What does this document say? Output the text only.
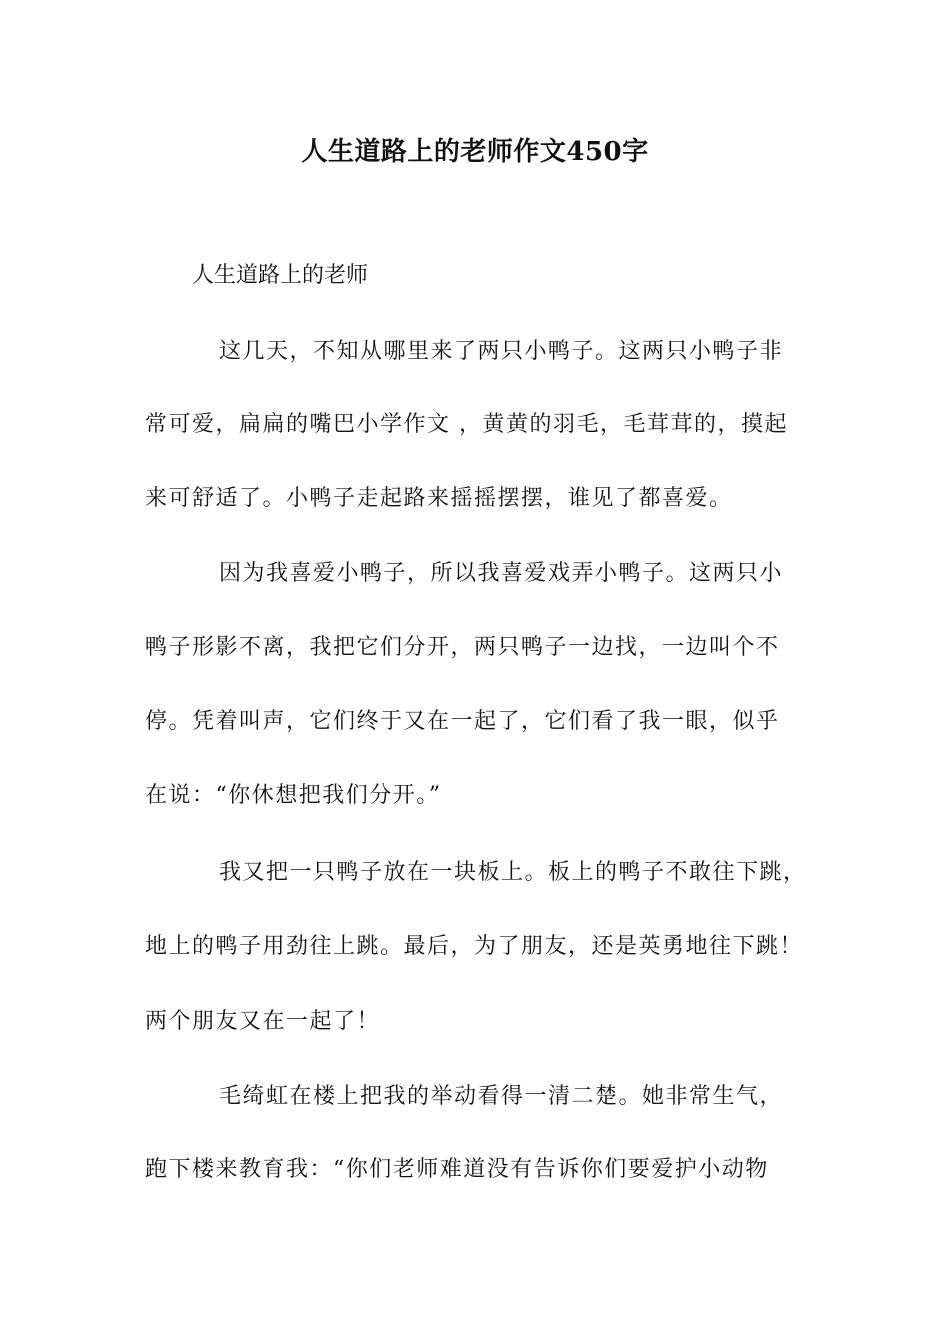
人生道路上的老师作文450字

人生道路上的老师

这几天，不知从哪里来了两只小鸭子。这两只小鸭子非

常可爱，扁扁的嘴巴小学作文 ，黄黄的羽毛，毛茸茸的，摸起

来可舒适了。小鸭子走起路来摇摇摆摆，谁见了都喜爱。

因为我喜爱小鸭子，所以我喜爱戏弄小鸭子。这两只小

鸭子形影不离，我把它们分开，两只鸭子一边找，一边叫个不

停。凭着叫声，它们终于又在一起了，它们看了我一眼，似乎

在说：“你休想把我们分开。”

我又把一只鸭子放在一块板上。板上的鸭子不敢往下跳，

地上的鸭子用劲往上跳。最后，为了朋友，还是英勇地往下跳！

两个朋友又在一起了！

毛绮虹在楼上把我的举动看得一清二楚。她非常生气，

跑下楼来教育我：“你们老师难道没有告诉你们要爱护小动物
